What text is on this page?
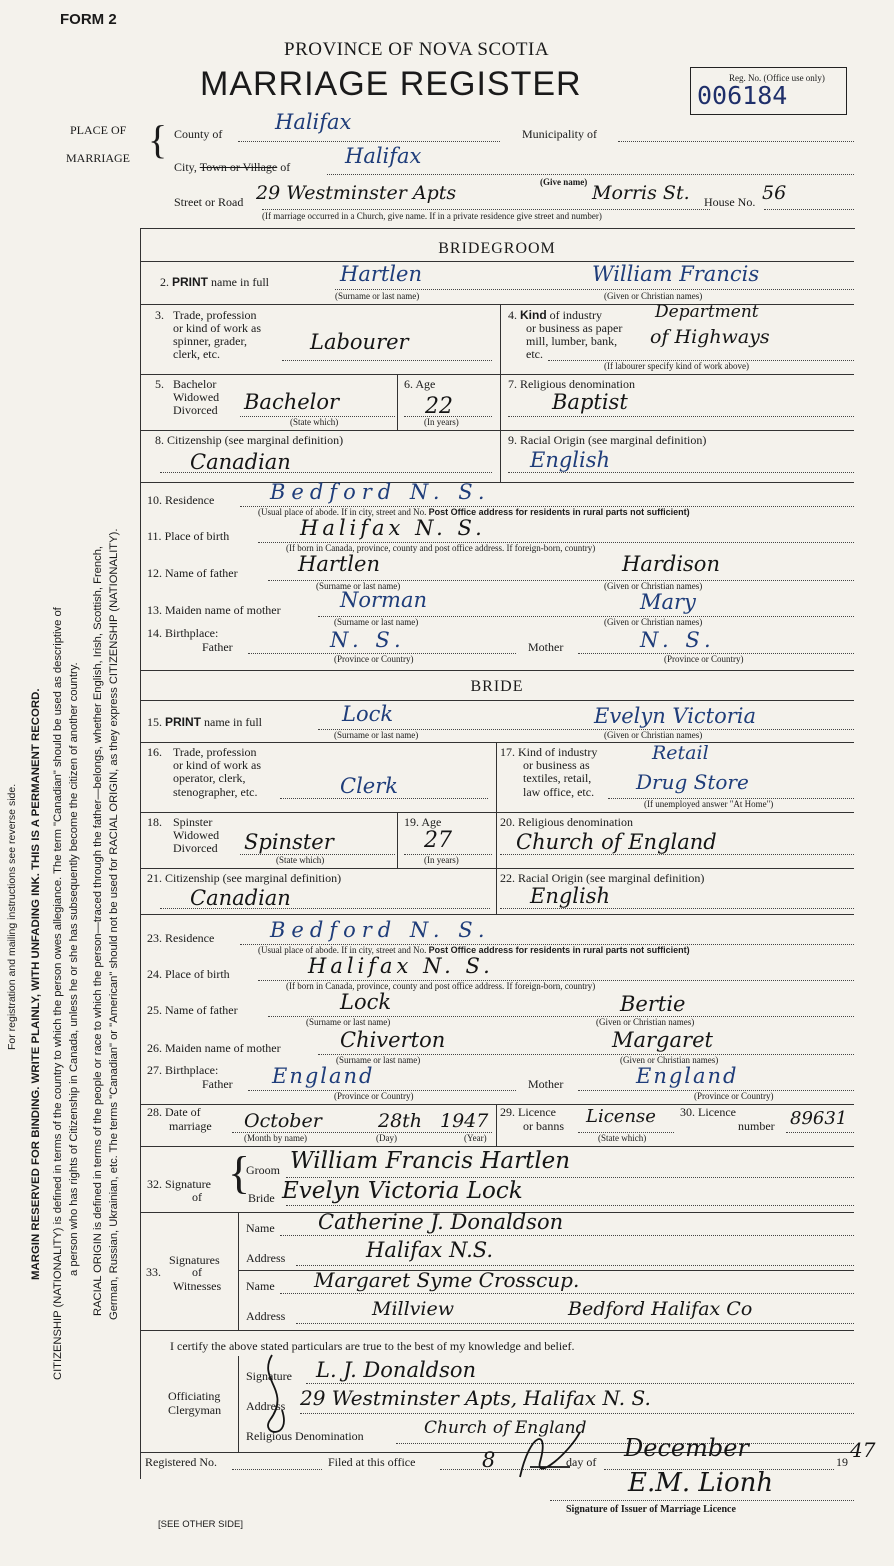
FORM 2
PROVINCE OF NOVA SCOTIA
MARRIAGE REGISTER	Reg. No. (Office use only)
006184
PLACE OF
MARRIAGE { County of	Halifax	Municipality of
City, Town or Village of	Halifax
(Give name)
Street or Road 29 Westminster Apts	Morris St. House No. 56
(If marriage occurred in a Church, give name. If in a private residence give street and number)
For registration and mailing instructions see reverse side. MARGIN RESERVED FOR BINDING. WRITE PLAINLY, WITH UNFADING INK. THIS IS A PERMANENT RECORD. CITIZENSHIP (NATIONALITY) is defined in terms of the country to which the person owes allegiance. The term "Canadian" should be used as descriptive of a person who has rights of Citizenship in Canada, unless he or she has subsequently become the citizen of another country. RACIAL ORIGIN is defined in terms of the people or race to which the person—traced through the father—belongs, whether English, Irish, Scottish, French, German, Russian, Ukrainian, etc. The terms "Canadian" or "American" should not be used for RACIAL ORIGIN, as they express CITIZENSHIP (NATIONALITY).
BRIDEGROOM
2. PRINT name in full	Hartlen	William Francis
(Surname or last name)	(Given or Christian names)
3. Trade, profession
or kind of work as
spinner, grader,
clerk, etc.	Labourer
4. Kind of industry
or business as paper
mill, lumber, bank,
etc.
Department
of Highways
(If labourer specify kind of work above)
5. Bachelor
Widowed
Divorced Bachelor
(State which)
6. Age
22
(In years)
7. Religious denomination
Baptist
8. Citizenship (see marginal definition)
Canadian
9. Racial Origin (see marginal definition)
English
10. Residence	Bedford N. S.
(Usual place of abode. If in city, street and No. Post Office address for residents in rural parts not sufficient)
11. Place of birth	Halifax N. S.
(If born in Canada, province, county and post office address. If foreign-born, country)
12. Name of father	Hartlen	Hardison
(Surname or last name)	(Given or Christian names)
13. Maiden name of mother	Norman	Mary
(Surname or last name)	(Given or Christian names)
14. Birthplace:
Father	N. S.	Mother	N. S.
(Province or Country)	(Province or Country)
BRIDE
15. PRINT name in full	Lock	Evelyn Victoria
(Surname or last name)	(Given or Christian names)
16. Trade, profession
or kind of work as
operator, clerk,
stenographer, etc.	Clerk
17. Kind of industry
or business as
textiles, retail,
law office, etc.
Retail
Drug Store
(If unemployed answer "At Home")
18. Spinster
Widowed
Divorced Spinster
(State which)
19. Age
27
(In years)
20. Religious denomination
Church of England
21. Citizenship (see marginal definition)
Canadian
22. Racial Origin (see marginal definition)
English
23. Residence	Bedford N. S.
(Usual place of abode. If in city, street and No. Post Office address for residents in rural parts not sufficient)
24. Place of birth	Halifax N. S.
(If born in Canada, province, county and post office address. If foreign-born, country)
25. Name of father	Lock	Bertie
(Surname or last name)	(Given or Christian names)
26. Maiden name of mother	Chiverton	Margaret
(Surname or last name)	(Given or Christian names)
27. Birthplace:
Father England	Mother	England
(Province or Country)	(Province or Country)
28. Date of
marriage October	28th 1947
(Month by name)	(Day)	(Year)
29. Licence
or banns License
(State which)
30. Licence
number 89631
32. Signature
of {
Groom William Francis Hartlen
Bride Evelyn Victoria Lock
Signatures
33.	of
Witnesses
Name Catherine J. Donaldson
Address	Halifax N.S.
Name Margaret Syme Crosscup.
Address	Millview	Bedford Halifax Co
I certify the above stated particulars are true to the best of my knowledge and belief.
Officiating
Clergyman
Signature L. J. Donaldson
Address 29 Westminster Apts, Halifax N. S.
Religious Denomination	Church of England
Registered No.	Filed at this office	8	day of December	19 47
E.M. Lionh
Signature of Issuer of Marriage Licence
[SEE OTHER SIDE]
